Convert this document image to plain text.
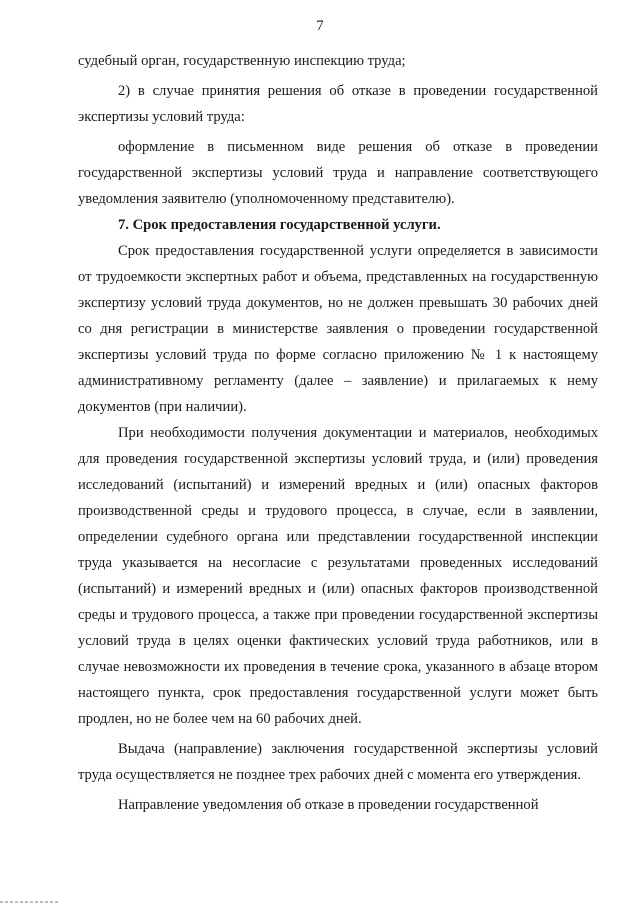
7

судебный орган, государственную инспекцию труда;

2) в случае принятия решения об отказе в проведении государственной экспертизы условий труда:

оформление в письменном виде решения об отказе в проведении государственной экспертизы условий труда и направление соответствующего уведомления заявителю (уполномоченному представителю).

7. Срок предоставления государственной услуги.

Срок предоставления государственной услуги определяется в зависимости от трудоемкости экспертных работ и объема, представленных на государственную экспертизу условий труда документов, но не должен превышать 30 рабочих дней со дня регистрации в министерстве заявления о проведении государственной экспертизы условий труда по форме согласно приложению № 1 к настоящему административному регламенту (далее – заявление) и прилагаемых к нему документов (при наличии).

При необходимости получения документации и материалов, необходимых для проведения государственной экспертизы условий труда, и (или) проведения исследований (испытаний) и измерений вредных и (или) опасных факторов производственной среды и трудового процесса, в случае, если в заявлении, определении судебного органа или представлении государственной инспекции труда указывается на несогласие с результатами проведенных исследований (испытаний) и измерений вредных и (или) опасных факторов производственной среды и трудового процесса, а также при проведении государственной экспертизы условий труда в целях оценки фактических условий труда работников, или в случае невозможности их проведения в течение срока, указанного в абзаце втором настоящего пункта, срок предоставления государственной услуги может быть продлен, но не более чем на 60 рабочих дней.

Выдача (направление) заключения государственной экспертизы условий труда осуществляется не позднее трех рабочих дней с момента его утверждения.

Направление уведомления об отказе в проведении государственной
